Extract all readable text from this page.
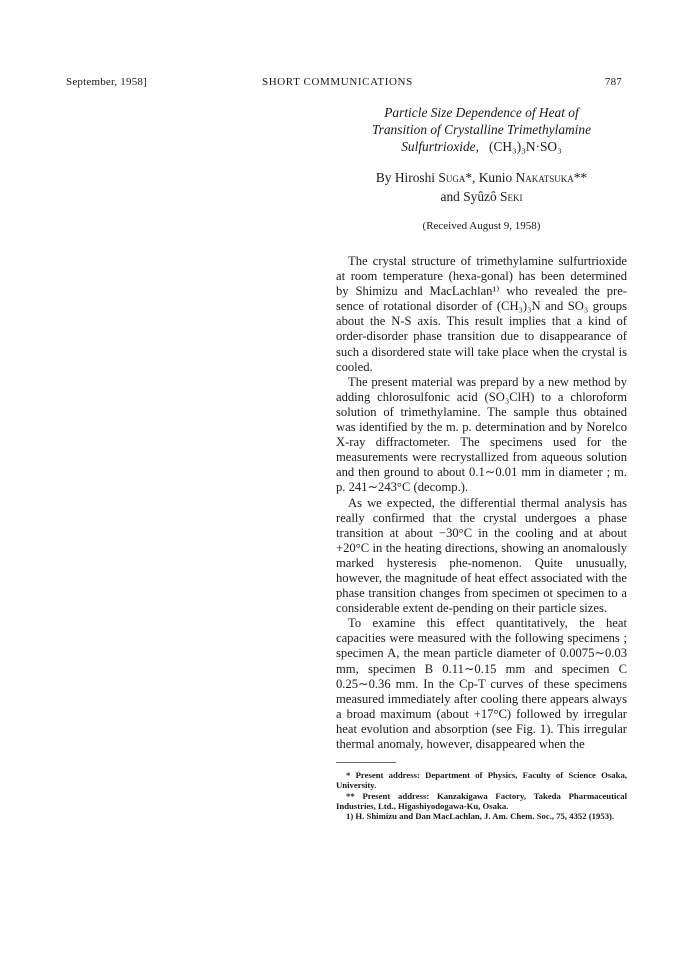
September, 1958]	SHORT COMMUNICATIONS	787
Particle Size Dependence of Heat of
Transition of Crystalline Trimethylamine
Sulfurtrioxide, (CH₃)₃N·SO₃
By Hiroshi Suga*, Kunio Nakatsuka**
and Syûzô Seki
(Received August 9, 1958)

The crystal structure of trimethylamine sulfurtrioxide at room temperature (hexa-gonal) has been determined by Shimizu and MacLachlan¹⁾ who revealed the pre-sence of rotational disorder of (CH₃)₃N and SO₃ groups about the N-S axis. This result implies that a kind of order-disorder phase transition due to disappearance of such a disordered state will take place when the crystal is cooled.

The present material was prepard by a new method by adding chlorosulfonic acid (SO₃ClH) to a chloroform solution of trimethylamine. The sample thus obtained was identified by the m. p. determination and by Norelco X-ray diffractometer. The specimens used for the measurements were recrystallized from aqueous solution and then ground to about 0.1∼0.01 mm in diameter ; m. p. 241∼243°C (decomp.).

As we expected, the differential thermal analysis has really confirmed that the crystal undergoes a phase transition at about −30°C in the cooling and at about +20°C in the heating directions, showing an anomalously marked hysteresis phe-nomenon. Quite unusually, however, the magnitude of heat effect associated with the phase transition changes from specimen ot specimen to a considerable extent de-pending on their particle sizes.

To examine this effect quantitatively, the heat capacities were measured with the following specimens ; specimen A, the mean particle diameter of 0.0075∼0.03 mm, specimen B 0.11∼0.15 mm and specimen C 0.25∼0.36 mm. In the Cp-T curves of these specimens measured immediately after cooling there appears always a broad maximum (about +17°C) followed by irregular heat evolution and absorption (see Fig. 1). This irregular thermal anomaly, however, disappeared when the

* Present address: Department of Physics, Faculty of Science Osaka, University.

** Present address: Kanzakigawa Factory, Takeda Pharmaceutical Industries, Ltd., Higashiyodogawa-Ku, Osaka.

1) H. Shimizu and Dan MacLachlan, J. Am. Chem. Soc., 75, 4352 (1953).
